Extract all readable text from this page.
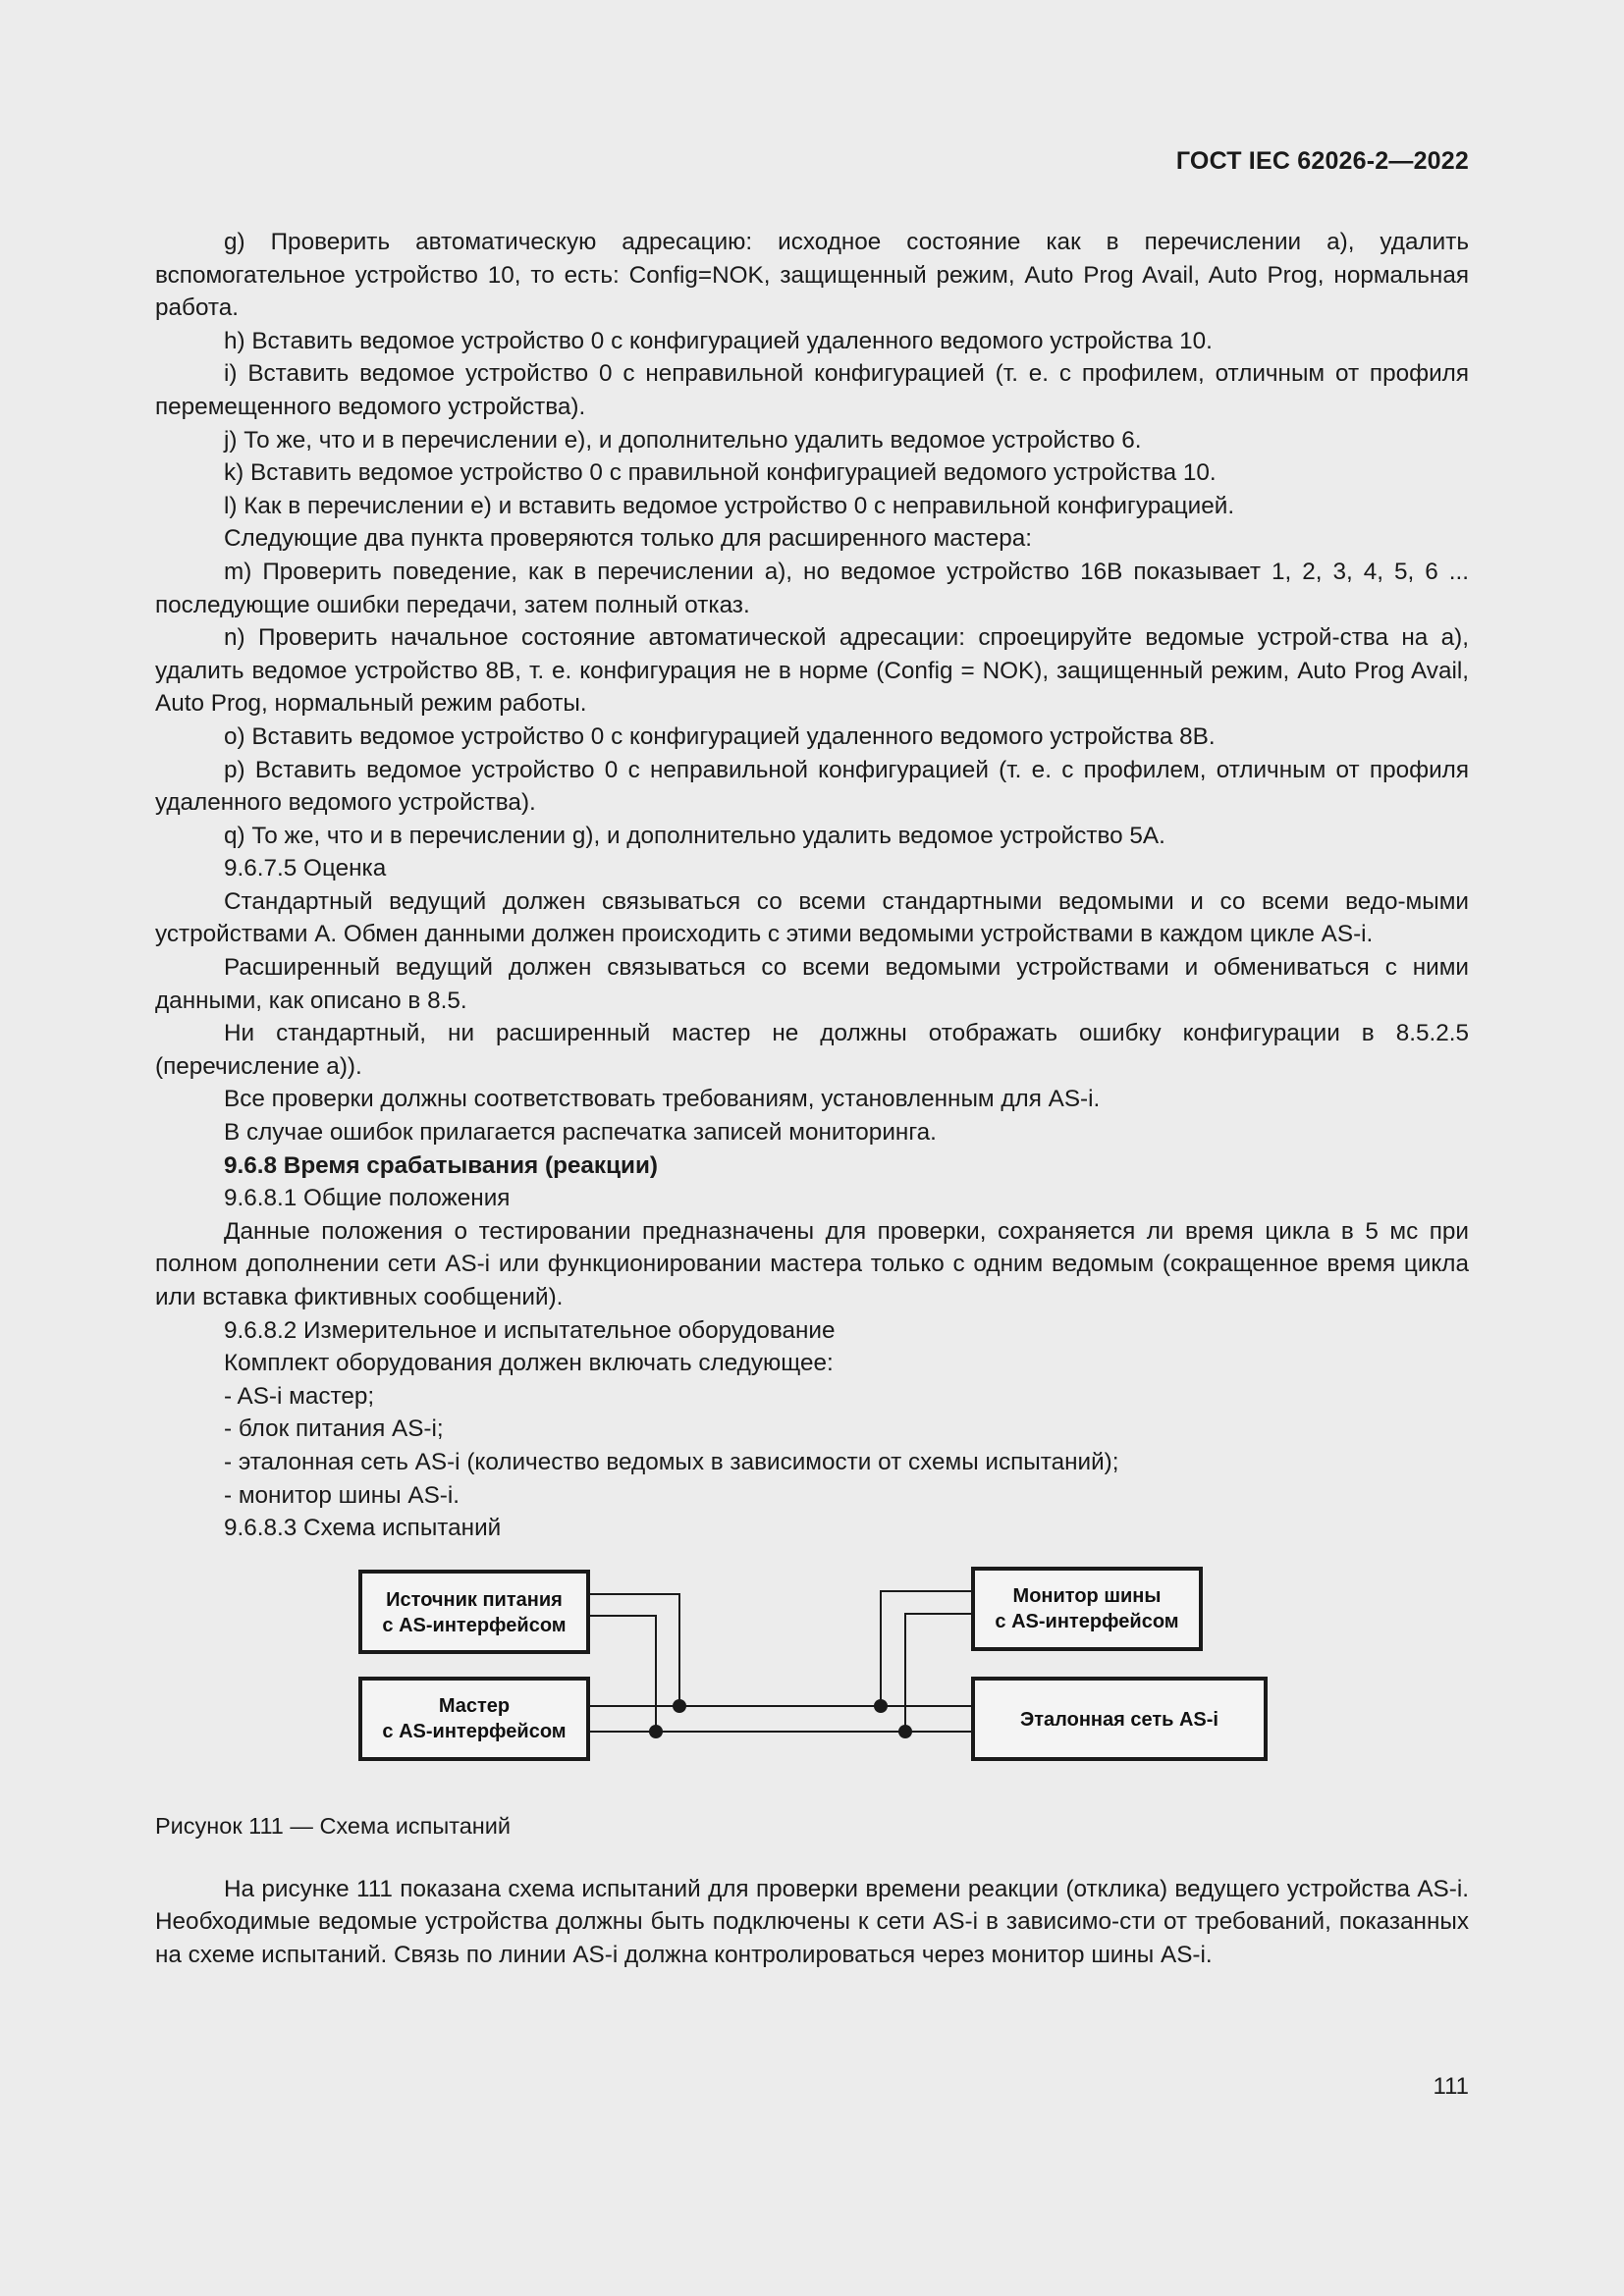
ГОСТ IEC 62026-2—2022

g) Проверить автоматическую адресацию: исходное состояние как в перечислении а), удалить вспомогательное устройство 10, то есть: Config=NOK, защищенный режим, Auto Prog Avail, Auto Prog, нормальная работа.

h) Вставить ведомое устройство 0 с конфигурацией удаленного ведомого устройства 10.

i) Вставить ведомое устройство 0 с неправильной конфигурацией (т. е. с профилем, отличным от профиля перемещенного ведомого устройства).

j) То же, что и в перечислении е), и дополнительно удалить ведомое устройство 6.

k) Вставить ведомое устройство 0 с правильной конфигурацией ведомого устройства 10.

l) Как в перечислении е) и вставить ведомое устройство 0 с неправильной конфигурацией.

Следующие два пункта проверяются только для расширенного мастера:

m) Проверить поведение, как в перечислении а), но ведомое устройство 16В показывает 1, 2, 3, 4, 5, 6 ... последующие ошибки передачи, затем полный отказ.

n) Проверить начальное состояние автоматической адресации: спроецируйте ведомые устрой-ства на а), удалить ведомое устройство 8В, т. е. конфигурация не в норме (Config = NOK), защищенный режим, Auto Prog Avail, Auto Prog, нормальный режим работы.

о) Вставить ведомое устройство 0 с конфигурацией удаленного ведомого устройства 8В.

р) Вставить ведомое устройство 0 с неправильной конфигурацией (т. е. с профилем, отличным от профиля удаленного ведомого устройства).

q) То же, что и в перечислении g), и дополнительно удалить ведомое устройство 5А.

9.6.7.5 Оценка

Стандартный ведущий должен связываться со всеми стандартными ведомыми и со всеми ведо-мыми устройствами А. Обмен данными должен происходить с этими ведомыми устройствами в каждом цикле AS-i.

Расширенный ведущий должен связываться со всеми ведомыми устройствами и обмениваться с ними данными, как описано в 8.5.

Ни стандартный, ни расширенный мастер не должны отображать ошибку конфигурации в 8.5.2.5 (перечисление а)).

Все проверки должны соответствовать требованиям, установленным для AS-i.

В случае ошибок прилагается распечатка записей мониторинга.

9.6.8 Время срабатывания (реакции)

9.6.8.1 Общие положения

Данные положения о тестировании предназначены для проверки, сохраняется ли время цикла в 5 мс при полном дополнении сети AS-i или функционировании мастера только с одним ведомым (сокращенное время цикла или вставка фиктивных сообщений).

9.6.8.2 Измерительное и испытательное оборудование

Комплект оборудования должен включать следующее:

- AS-i мастер;

- блок питания AS-i;

- эталонная сеть AS-i (количество ведомых в зависимости от схемы испытаний);

- монитор шины AS-i.

9.6.8.3 Схема испытаний

Источник питания
с AS-интерфейсом
Мастер
с AS-интерфейсом
Монитор шины
с AS-интерфейсом
Эталонная сеть AS-i

Рисунок 111 — Схема испытаний

На рисунке 111 показана схема испытаний для проверки времени реакции (отклика) ведущего устройства AS-i. Необходимые ведомые устройства должны быть подключены к сети AS-i в зависимо-сти от требований, показанных на схеме испытаний. Связь по линии AS-i должна контролироваться через монитор шины AS-i.

111
